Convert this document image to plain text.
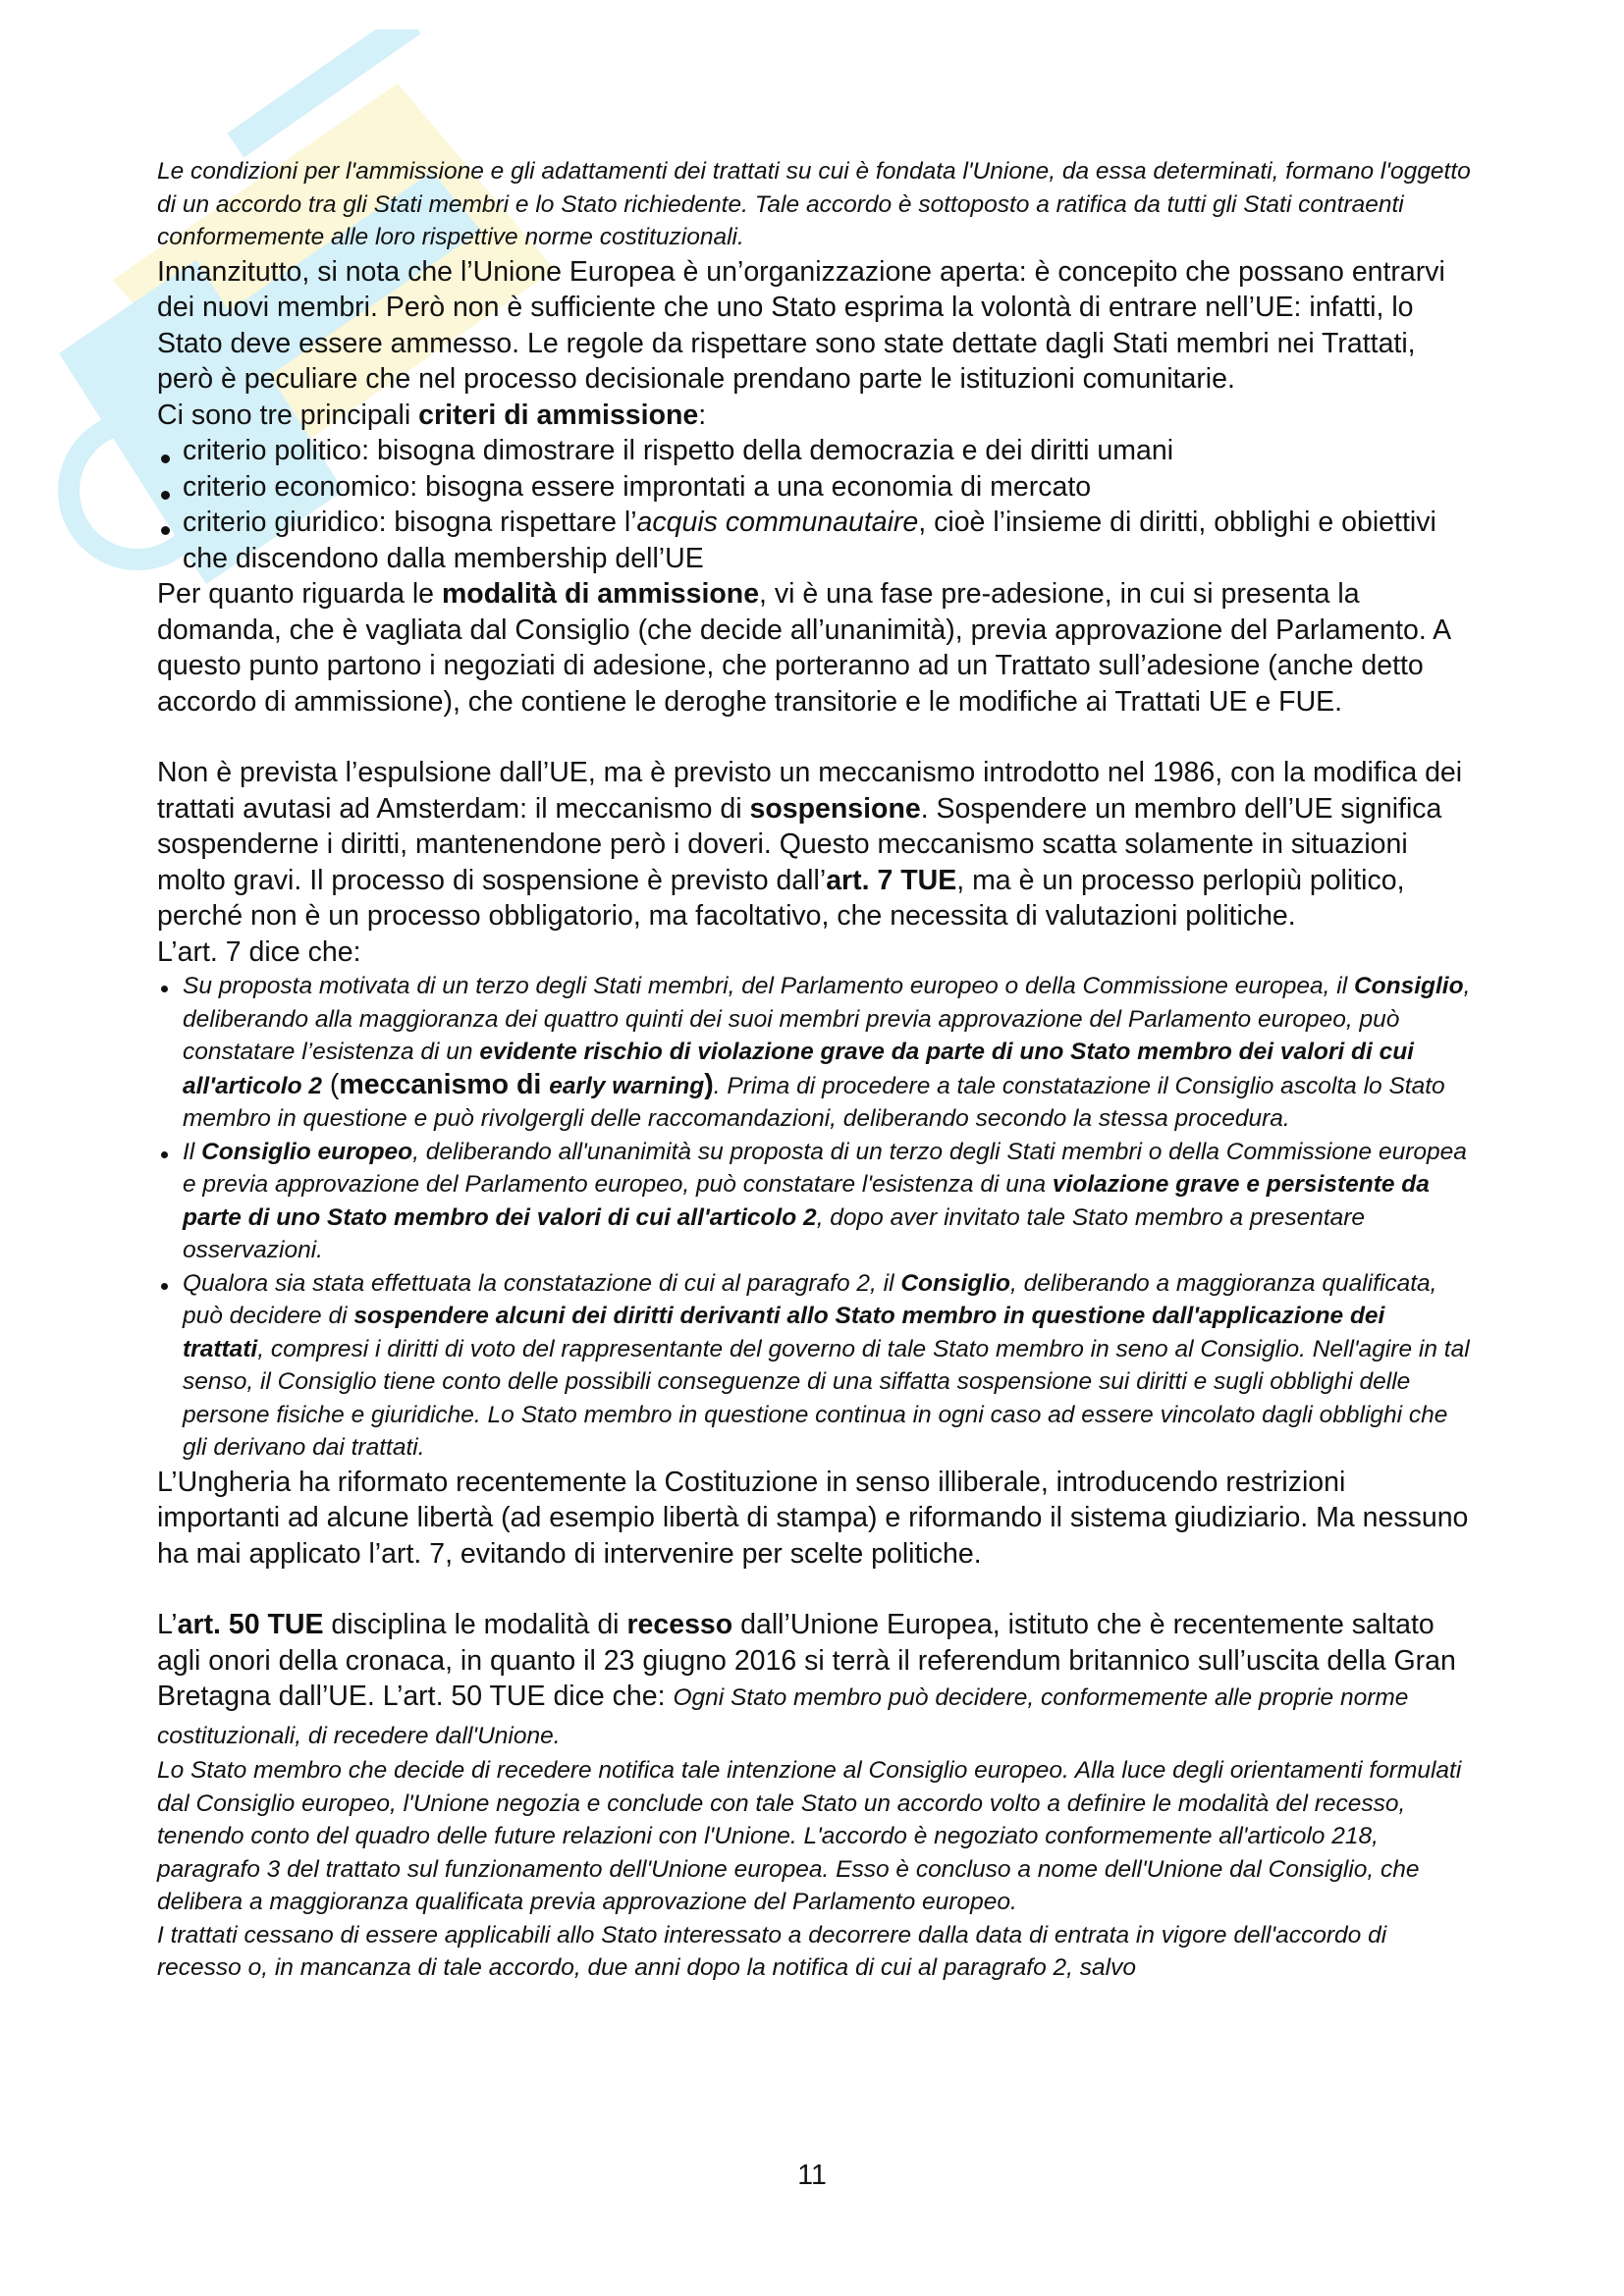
Le condizioni per l'ammissione e gli adattamenti dei trattati su cui è fondata l'Unione, da essa determinati, formano l'oggetto di un accordo tra gli Stati membri e lo Stato richiedente. Tale accordo è sottoposto a ratifica da tutti gli Stati contraenti conformemente alle loro rispettive norme costituzionali.

Innanzitutto, si nota che l’Unione Europea è un’organizzazione aperta: è concepito che possano entrarvi dei nuovi membri. Però non è sufficiente che uno Stato esprima la volontà di entrare nell’UE: infatti, lo Stato deve essere ammesso. Le regole da rispettare sono state dettate dagli Stati membri nei Trattati, però è peculiare che nel processo decisionale prendano parte le istituzioni comunitarie.

Ci sono tre principali criteri di ammissione:

criterio politico: bisogna dimostrare il rispetto della democrazia e dei diritti umani
criterio economico: bisogna essere improntati a una economia di mercato
criterio giuridico: bisogna rispettare l’acquis communautaire, cioè l’insieme di diritti, obblighi e obiettivi che discendono dalla membership dell’UE

Per quanto riguarda le modalità di ammissione, vi è una fase pre-adesione, in cui si presenta la domanda, che è vagliata dal Consiglio (che decide all’unanimità), previa approvazione del Parlamento. A questo punto partono i negoziati di adesione, che porteranno ad un Trattato sull’adesione (anche detto accordo di ammissione), che contiene le deroghe transitorie e le modifiche ai Trattati UE e FUE.

Non è prevista l’espulsione dall’UE, ma è previsto un meccanismo introdotto nel 1986, con la modifica dei trattati avutasi ad Amsterdam: il meccanismo di sospensione. Sospendere un membro dell’UE significa sospenderne i diritti, mantenendone però i doveri. Questo meccanismo scatta solamente in situazioni molto gravi. Il processo di sospensione è previsto dall’art. 7 TUE, ma è un processo perlopiù politico, perché non è un processo obbligatorio, ma facoltativo, che necessita di valutazioni politiche.

L’art. 7 dice che:

Su proposta motivata di un terzo degli Stati membri, del Parlamento europeo o della Commissione europea, il Consiglio, deliberando alla maggioranza dei quattro quinti dei suoi membri previa approvazione del Parlamento europeo, può constatare l’esistenza di un evidente rischio di violazione grave da parte di uno Stato membro dei valori di cui all'articolo 2 (meccanismo di early warning). Prima di procedere a tale constatazione il Consiglio ascolta lo Stato membro in questione e può rivolgergli delle raccomandazioni, deliberando secondo la stessa procedura.
Il Consiglio europeo, deliberando all'unanimità su proposta di un terzo degli Stati membri o della Commissione europea e previa approvazione del Parlamento europeo, può constatare l'esistenza di una violazione grave e persistente da parte di uno Stato membro dei valori di cui all'articolo 2, dopo aver invitato tale Stato membro a presentare osservazioni.
Qualora sia stata effettuata la constatazione di cui al paragrafo 2, il Consiglio, deliberando a maggioranza qualificata, può decidere di sospendere alcuni dei diritti derivanti allo Stato membro in questione dall'applicazione dei trattati, compresi i diritti di voto del rappresentante del governo di tale Stato membro in seno al Consiglio. Nell'agire in tal senso, il Consiglio tiene conto delle possibili conseguenze di una siffatta sospensione sui diritti e sugli obblighi delle persone fisiche e giuridiche. Lo Stato membro in questione continua in ogni caso ad essere vincolato dagli obblighi che gli derivano dai trattati.

L’Ungheria ha riformato recentemente la Costituzione in senso illiberale, introducendo restrizioni importanti ad alcune libertà (ad esempio libertà di stampa) e riformando il sistema giudiziario. Ma nessuno ha mai applicato l’art. 7, evitando di intervenire per scelte politiche.

L’art. 50 TUE disciplina le modalità di recesso dall’Unione Europea, istituto che è recentemente saltato agli onori della cronaca, in quanto il 23 giugno 2016 si terrà il referendum britannico sull’uscita della Gran Bretagna dall’UE. L’art. 50 TUE dice che: Ogni Stato membro può decidere, conformemente alle proprie norme costituzionali, di recedere dall'Unione.

Lo Stato membro che decide di recedere notifica tale intenzione al Consiglio europeo. Alla luce degli orientamenti formulati dal Consiglio europeo, l'Unione negozia e conclude con tale Stato un accordo volto a definire le modalità del recesso, tenendo conto del quadro delle future relazioni con l'Unione. L'accordo è negoziato conformemente all'articolo 218, paragrafo 3 del trattato sul funzionamento dell'Unione europea. Esso è concluso a nome dell'Unione dal Consiglio, che delibera a maggioranza qualificata previa approvazione del Parlamento europeo.

I trattati cessano di essere applicabili allo Stato interessato a decorrere dalla data di entrata in vigore dell'accordo di recesso o, in mancanza di tale accordo, due anni dopo la notifica di cui al paragrafo 2, salvo

11
